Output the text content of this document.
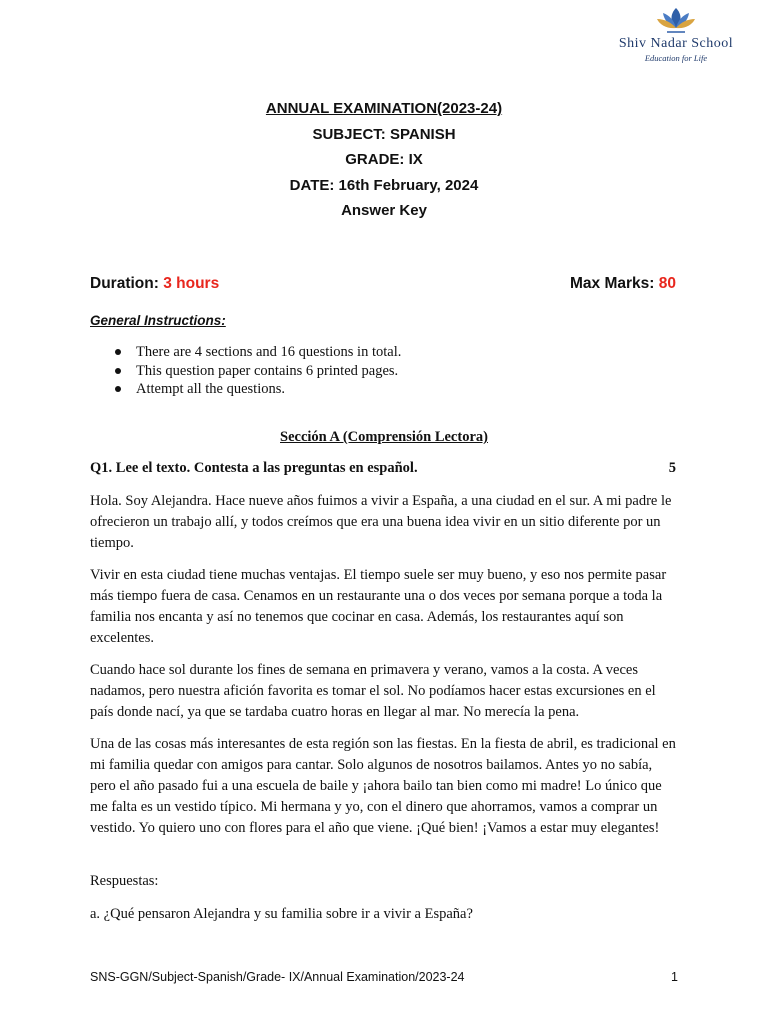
Shiv Nadar School
Education for Life
ANNUAL EXAMINATION(2023-24)
SUBJECT: SPANISH
GRADE: IX
DATE: 16th February, 2024
Answer Key
Duration: 3 hours	Max Marks: 80
General Instructions:
There are 4 sections and 16 questions in total.
This question paper contains 6 printed pages.
Attempt all the questions.
Sección A (Comprensión Lectora)
Q1. Lee el texto. Contesta a las preguntas en español.	5

Hola. Soy Alejandra. Hace nueve años fuimos a vivir a España, a una ciudad en el sur. A mi padre le ofrecieron un trabajo allí, y todos creímos que era una buena idea vivir en un sitio diferente por un tiempo.

Vivir en esta ciudad tiene muchas ventajas. El tiempo suele ser muy bueno, y eso nos permite pasar más tiempo fuera de casa. Cenamos en un restaurante una o dos veces por semana porque a toda la familia nos encanta y así no tenemos que cocinar en casa. Además, los restaurantes aquí son excelentes.

Cuando hace sol durante los fines de semana en primavera y verano, vamos a la costa. A veces nadamos, pero nuestra afición favorita es tomar el sol. No podíamos hacer estas excursiones en el país donde nací, ya que se tardaba cuatro horas en llegar al mar. No merecía la pena.

Una de las cosas más interesantes de esta región son las fiestas. En la fiesta de abril, es tradicional en mi familia quedar con amigos para cantar. Solo algunos de nosotros bailamos. Antes yo no sabía, pero el año pasado fui a una escuela de baile y ¡ahora bailo tan bien como mi madre! Lo único que me falta es un vestido típico. Mi hermana y yo, con el dinero que ahorramos, vamos a comprar un vestido. Yo quiero uno con flores para el año que viene. ¡Qué bien! ¡Vamos a estar muy elegantes!

Respuestas:

a. ¿Qué pensaron Alejandra y su familia sobre ir a vivir a España?

SNS-GGN/Subject-Spanish/Grade- IX/Annual Examination/2023-24	1
